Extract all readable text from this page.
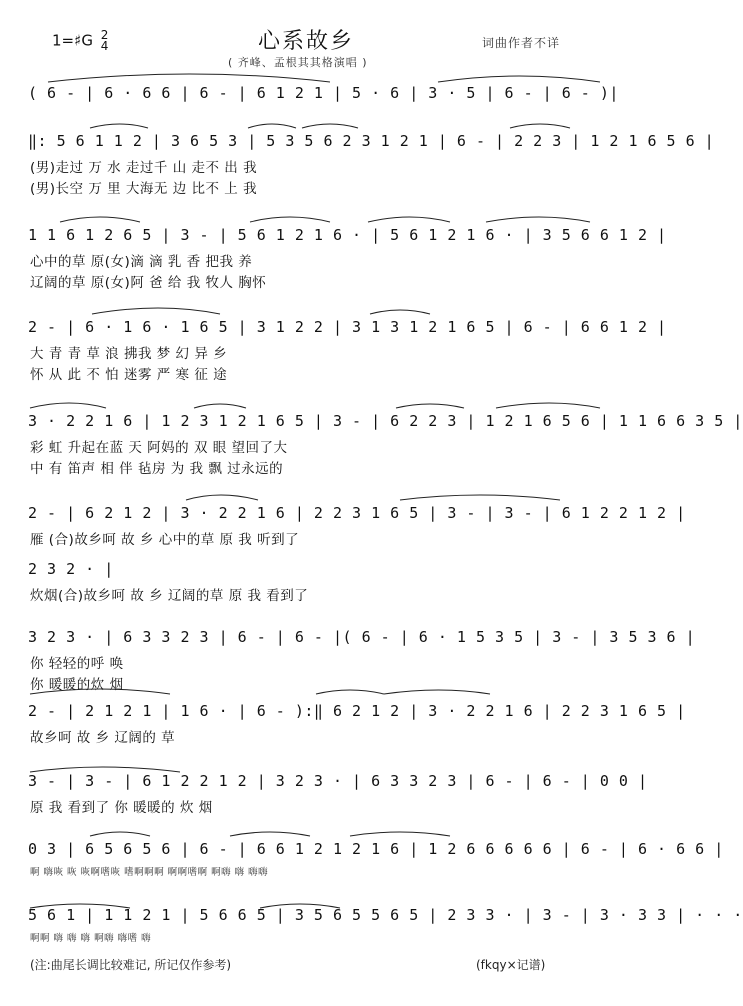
1=♯G 2
4	心系故乡	词曲作者不详
( 齐峰、孟根其其格演唱 )
( 6 - | 6 · 6 6 | 6 - | 6 1 2 1 | 5 · 6 | 3 · 5 | 6 - | 6 - )|
‖: 5 6 1 1 2 | 3 6 5 3 | 5 3 5 6 2 3 1 2 1 | 6 - | 2 2 3 | 1 2 1 6 5 6 |
(男)走过 万 水 走过千 山 走不 出 我
(男)长空 万 里 大海无 边 比不 上 我
1 1 6 1 2 6 5 | 3 - | 5 6 1 2 1 6 · | 5 6 1 2 1 6 · | 3 5 6 6 1 2 |
心中的草 原(女)滴 滴 乳 香 把我 养
辽阔的草 原(女)阿 爸 给 我 牧人 胸怀
2 - | 6 · 1 6 · 1 6 5 | 3 1 2 2 | 3 1 3 1 2 1 6 5 | 6 - | 6 6 1 2 |
大 青 青 草 浪 拂我 梦 幻 异 乡
怀 从 此 不 怕 迷雾 严 寒 征 途
3 · 2 2 1 6 | 1 2 3 1 2 1 6 5 | 3 - | 6 2 2 3 | 1 2 1 6 5 6 | 1 1 6 6 3 5 |
彩 虹 升起在蓝 天 阿妈的 双 眼 望回了大
中 有 笛声 相 伴 毡房 为 我 飘 过永远的
2 - | 6 2 1 2 | 3 · 2 2 1 6 | 2 2 3 1 6 5 | 3 - | 3 - | 6 1 2 2 1 2 |
雁 (合)故乡呵 故 乡 心中的草 原 我 听到了
2 3 2 · |
炊烟(合)故乡呵 故 乡 辽阔的草 原 我 看到了
3 2 3 · | 6 3 3 2 3 | 6 - | 6 - |( 6 - | 6 · 1 5 3 5 | 3 - | 3 5 3 6 |
你 轻轻的呼 唤
你 暖暖的炊 烟
2 - | 2 1 2 1 | 1 6 · | 6 - ):‖ 6 2 1 2 | 3 · 2 2 1 6 | 2 2 3 1 6 5 |
故乡呵 故 乡 辽阔的 草
3 - | 3 - | 6 1 2 2 1 2 | 3 2 3 · | 6 3 3 2 3 | 6 - | 6 - | 0 0 |
原 我 看到了 你 暖暖的 炊 烟
0 3 | 6 5 6 5 6 | 6 - | 6 6 1 2 1 2 1 6 | 1 2 6 6 6 6 6 | 6 - | 6 · 6 6 |
啊 嗨咴 咴 咴啊嗜咴 嗜啊啊啊 啊啊嗜啊 啊嗨 嗨 嗨嗨
5 6 1 | 1 1 2 1 | 5 6 6 5 | 3 5 6 5 5 6 5 | 2 3 3 · | 3 - | 3 · 3 3 | · · ·
啊啊 嗨 嗨 嗨 啊嗨 嗨嗜 嗨
(注:曲尾长调比较难记, 所记仅作参考)	(fkqy×记谱)
